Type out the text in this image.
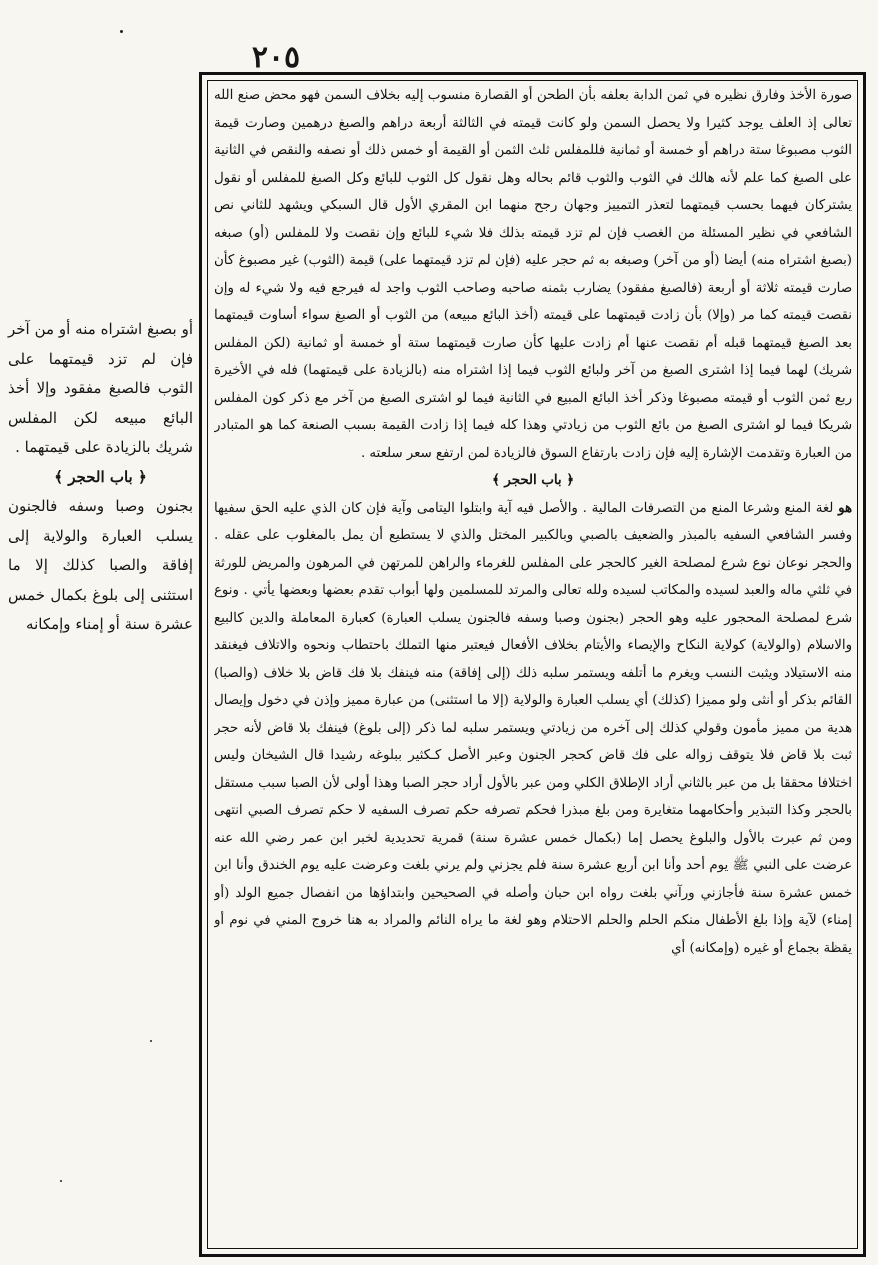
٢٠٥

صورة الأخذ وفارق نظيره في ثمن الدابة بعلفه بأن الطحن أو القصارة منسوب إليه بخلاف السمن فهو محض صنع الله تعالى إذ العلف يوجد كثيرا ولا يحصل السمن ولو كانت قيمته في الثالثة أربعة دراهم والصبغ درهمين وصارت قيمة الثوب مصبوغا ستة دراهم أو خمسة أو ثمانية فللمفلس ثلث الثمن أو القيمة أو خمس ذلك أو نصفه والنقص في الثانية على الصبغ كما علم لأنه هالك في الثوب والثوب قائم بحاله وهل نقول كل الثوب للبائع وكل الصبغ للمفلس أو نقول يشتركان فيهما بحسب قيمتهما لتعذر التمييز وجهان رجح منهما ابن المقري الأول قال السبكي ويشهد للثاني نص الشافعي في نظير المسئلة من الغصب فإن لم تزد قيمته بذلك فلا شيء للبائع وإن نقصت ولا للمفلس (أو) صبغه (بصبغ اشتراه منه) أيضا (أو من آخر) وصبغه به ثم حجر عليه (فإن لم تزد قيمتهما على) قيمة (الثوب) غير مصبوغ كأن صارت قيمته ثلاثة أو أربعة (فالصبغ مفقود) يضارب بثمنه صاحبه وصاحب الثوب واجد له فيرجع فيه ولا شيء له وإن نقصت قيمته كما مر (وإلا) بأن زادت قيمتهما على قيمته (أخذ البائع مبيعه) من الثوب أو الصبغ سواء أساوت قيمتهما بعد الصبغ قيمتهما قبله أم نقصت عنها أم زادت عليها كأن صارت قيمتهما ستة أو خمسة أو ثمانية (لكن المفلس شريك) لهما فيما إذا اشترى الصبغ من آخر ولبائع الثوب فيما إذا اشتراه منه (بالزيادة على قيمتهما) فله في الأخيرة ربع ثمن الثوب أو قيمته مصبوغا وذكر أخذ البائع المبيع في الثانية فيما لو اشترى الصبغ من آخر مع ذكر كون المفلس شريكا فيما لو اشترى الصبغ من بائع الثوب من زيادتي وهذا كله فيما إذا زادت القيمة بسبب الصنعة كما هو المتبادر من العبارة وتقدمت الإشارة إليه فإن زادت بارتفاع السوق فالزيادة لمن ارتفع سعر سلعته .

﴿ باب الحجر ﴾

هو لغة المنع وشرعا المنع من التصرفات المالية . والأصل فيه آية وابتلوا اليتامى وآية فإن كان الذي عليه الحق سفيها وفسر الشافعي السفيه بالمبذر والضعيف بالصبي وبالكبير المختل والذي لا يستطيع أن يمل بالمغلوب على عقله . والحجر نوعان نوع شرع لمصلحة الغير كالحجر على المفلس للغرماء والراهن للمرتهن في المرهون والمريض للورثة في ثلثي ماله والعبد لسيده والمكاتب لسيده ولله تعالى والمرتد للمسلمين ولها أبواب تقدم بعضها وبعضها يأتي . ونوع شرع لمصلحة المحجور عليه وهو الحجر (بجنون وصبا وسفه فالجنون يسلب العبارة) كعبارة المعاملة والدين كالبيع والاسلام (والولاية) كولاية النكاح والإيصاء والأيتام بخلاف الأفعال فيعتبر منها التملك باحتطاب ونحوه والاتلاف فيغنقد منه الاستيلاد ويثبت النسب ويغرم ما أتلفه ويستمر سلبه ذلك (إلى إفاقة) منه فينفك بلا فك قاض بلا خلاف (والصبا) القائم بذكر أو أنثى ولو مميزا (كذلك) أي يسلب العبارة والولاية (إلا ما استثنى) من عبارة مميز وإذن في دخول وإيصال هدية من مميز مأمون وقولي كذلك إلى آخره من زيادتي ويستمر سلبه لما ذكر (إلى بلوغ) فينفك بلا قاض لأنه حجر ثبت بلا قاض فلا يتوقف زواله على فك قاض كحجر الجنون وعبر الأصل كـكثير ببلوغه رشيدا قال الشيخان وليس اختلافا محققا بل من عبر بالثاني أراد الإطلاق الكلي ومن عبر بالأول أراد حجر الصبا وهذا أولى لأن الصبا سبب مستقل بالحجر وكذا التبذير وأحكامهما متغايرة ومن بلغ مبذرا فحكم تصرفه حكم تصرف السفيه لا حكم تصرف الصبي انتهى ومن ثم عبرت بالأول والبلوغ يحصل إما (بكمال خمس عشرة سنة) قمرية تحديدية لخبر ابن عمر رضي الله عنه عرضت على النبي ﷺ يوم أحد وأنا ابن أربع عشرة سنة فلم يجزني ولم يرني بلغت وعرضت عليه يوم الخندق وأنا ابن خمس عشرة سنة فأجازني ورآني بلغت رواه ابن حبان وأصله في الصحيحين وابتداؤها من انفصال جميع الولد (أو إمناء) لآية وإذا بلغ الأطفال منكم الحلم والحلم الاحتلام وهو لغة ما يراه النائم والمراد به هنا خروج المني في نوم أو يقظة بجماع أو غيره (وإمكانه) أي

أو بصبغ اشتراه منه أو من آخر فإن لم تزد قيمتهما على الثوب فالصبغ مفقود وإلا أخذ البائع مبيعه لكن المفلس شريك بالزيادة على قيمتهما .

﴿ باب الحجر ﴾

بجنون وصبا وسفه فالجنون يسلب العبارة والولاية إلى إفاقة والصبا كذلك إلا ما استثنى إلى بلوغ بكمال خمس عشرة سنة أو إمناء وإمكانه
